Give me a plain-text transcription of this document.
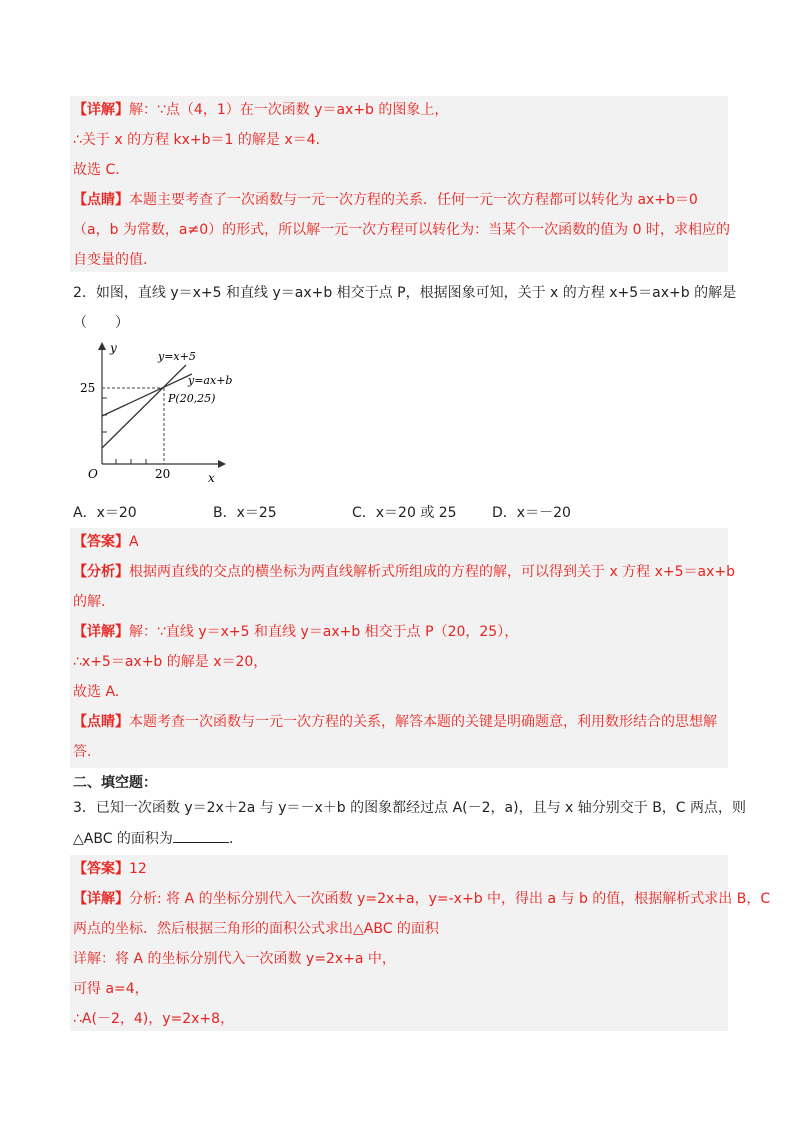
【详解】解：∵点（4，1）在一次函数 y＝ax+b 的图象上，
∴关于 x 的方程 kx+b＝1 的解是 x＝4.
故选 C.
【点睛】本题主要考查了一次函数与一元一次方程的关系．任何一元一次方程都可以转化为 ax+b＝0
（a，b 为常数，a≠0）的形式，所以解一元一次方程可以转化为：当某个一次函数的值为 0 时，求相应的
自变量的值.
2．如图，直线 y＝x+5 和直线 y＝ax+b 相交于点 P，根据图象可知，关于 x 的方程 x+5＝ax+b 的解是
（　　）
y
x
O
25
20
y=x+5
y=ax+b
P(20,25)
A．x＝20	B．x＝25	C．x＝20 或 25	D．x＝－20
【答案】A
【分析】根据两直线的交点的横坐标为两直线解析式所组成的方程的解，可以得到关于 x 方程 x+5＝ax+b
的解.
【详解】解：∵直线 y＝x+5 和直线 y＝ax+b 相交于点 P（20，25），
∴x+5＝ax+b 的解是 x＝20，
故选 A.
【点睛】本题考查一次函数与一元一次方程的关系，解答本题的关键是明确题意，利用数形结合的思想解
答.
二、填空题：
3．已知一次函数 y＝2x＋2a 与 y＝－x＋b 的图象都经过点 A(－2，a)，且与 x 轴分别交于 B，C 两点，则
△ABC 的面积为	.
【答案】12
【详解】分析: 将 A 的坐标分别代入一次函数 y=2x+a，y=-x+b 中，得出 a 与 b 的值，根据解析式求出 B，C
两点的坐标．然后根据三角形的面积公式求出△ABC 的面积
详解：将 A 的坐标分别代入一次函数 y=2x+a 中，
可得 a=4，
∴A(－2，4)，y=2x+8，
